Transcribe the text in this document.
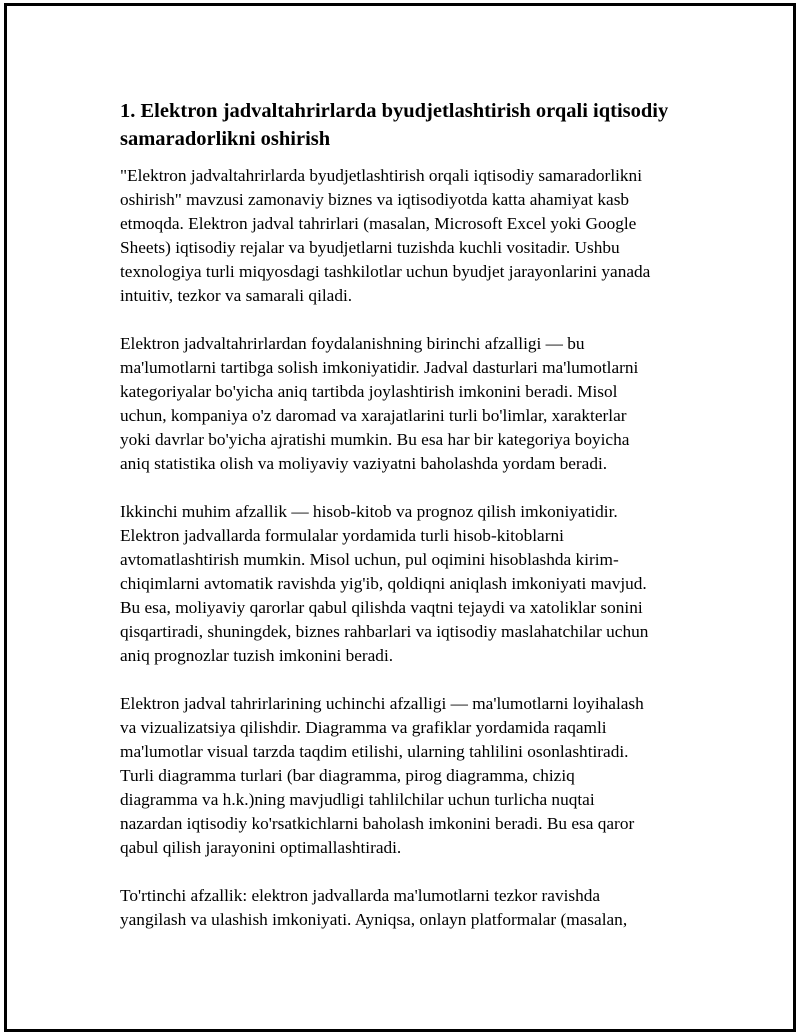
1. Elektron jadvaltahrirlarda byudjetlashtirish orqali iqtisodiy
samaradorlikni oshirish

"Elektron jadvaltahrirlarda byudjetlashtirish orqali iqtisodiy samaradorlikni
oshirish" mavzusi zamonaviy biznes va iqtisodiyotda katta ahamiyat kasb
etmoqda. Elektron jadval tahrirlari (masalan, Microsoft Excel yoki Google
Sheets) iqtisodiy rejalar va byudjetlarni tuzishda kuchli vositadir. Ushbu
texnologiya turli miqyosdagi tashkilotlar uchun byudjet jarayonlarini yanada
intuitiv, tezkor va samarali qiladi.

Elektron jadvaltahrirlardan foydalanishning birinchi afzalligi — bu
ma'lumotlarni tartibga solish imkoniyatidir. Jadval dasturlari ma'lumotlarni
kategoriyalar bo'yicha aniq tartibda joylashtirish imkonini beradi. Misol
uchun, kompaniya o'z daromad va xarajatlarini turli bo'limlar, xarakterlar
yoki davrlar bo'yicha ajratishi mumkin. Bu esa har bir kategoriya boyicha
aniq statistika olish va moliyaviy vaziyatni baholashda yordam beradi.

Ikkinchi muhim afzallik — hisob-kitob va prognoz qilish imkoniyatidir.
Elektron jadvallarda formulalar yordamida turli hisob-kitoblarni
avtomatlashtirish mumkin. Misol uchun, pul oqimini hisoblashda kirim-
chiqimlarni avtomatik ravishda yig'ib, qoldiqni aniqlash imkoniyati mavjud.
Bu esa, moliyaviy qarorlar qabul qilishda vaqtni tejaydi va xatoliklar sonini
qisqartiradi, shuningdek, biznes rahbarlari va iqtisodiy maslahatchilar uchun
aniq prognozlar tuzish imkonini beradi.

Elektron jadval tahrirlarining uchinchi afzalligi — ma'lumotlarni loyihalash
va vizualizatsiya qilishdir. Diagramma va grafiklar yordamida raqamli
ma'lumotlar visual tarzda taqdim etilishi, ularning tahlilini osonlashtiradi.
Turli diagramma turlari (bar diagramma, pirog diagramma, chiziq
diagramma va h.k.)ning mavjudligi tahlilchilar uchun turlicha nuqtai
nazardan iqtisodiy ko'rsatkichlarni baholash imkonini beradi. Bu esa qaror
qabul qilish jarayonini optimallashtiradi.

To'rtinchi afzallik: elektron jadvallarda ma'lumotlarni tezkor ravishda
yangilash va ulashish imkoniyati. Ayniqsa, onlayn platformalar (masalan,
